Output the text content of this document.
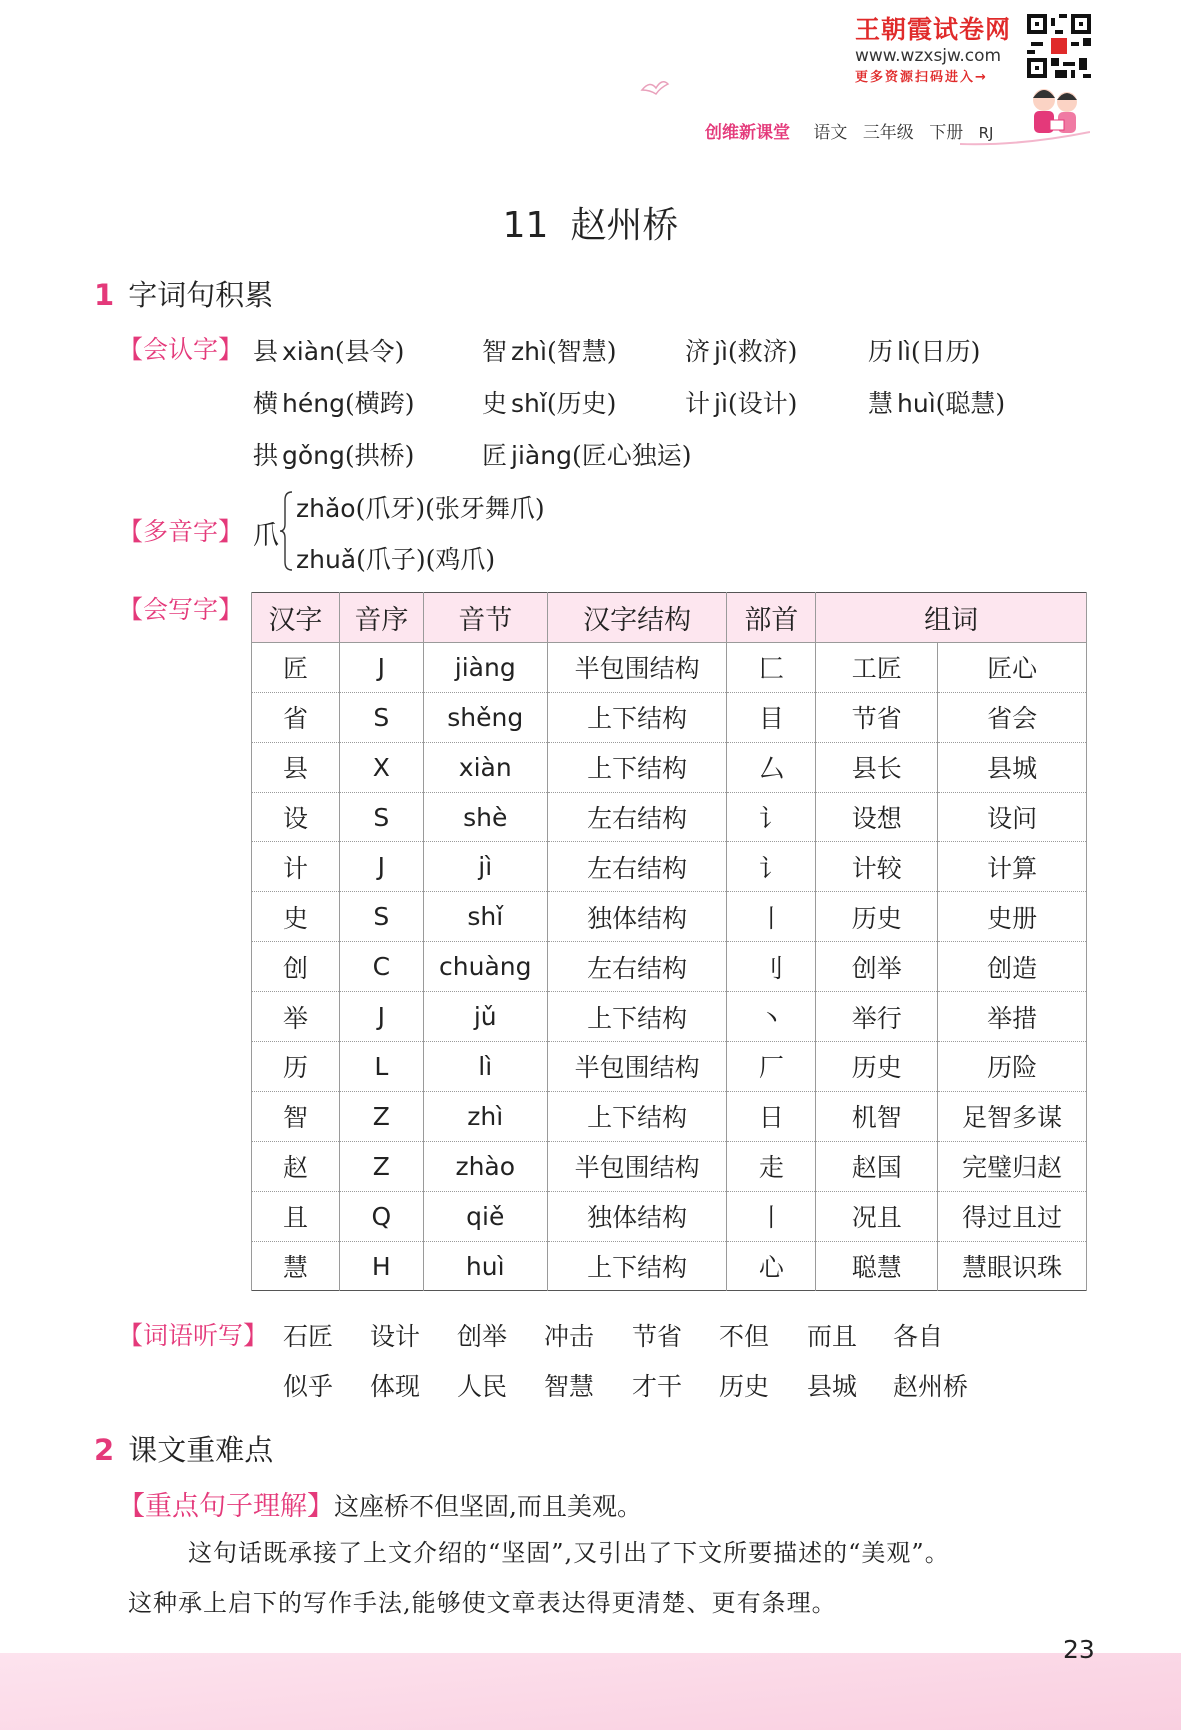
王朝霞试卷网
www.wzxsjw.com
更多资源扫码进入→
创维新课堂 语文 三年级 下册 RJ
11 赵州桥
1 字词句积累
【会认字】 县 xiàn(县令)	智 zhì(智慧)	济 jì(救济)	历 lì(日历)
横 héng(横跨)	史 shǐ(历史)	计 jì(设计)	慧 huì(聪慧)
拱 gǒng(拱桥)	匠 jiàng(匠心独运)
【多音字】 爪
zhǎo(爪牙)(张牙舞爪)
zhuǎ(爪子)(鸡爪)
【会写字】 汉字	音序	音节	汉字结构	部首	组词	
匠	J	jiàng	半包围结构	匚	工匠	匠心
省	S	shěng	上下结构	目	节省	省会
县	X	xiàn	上下结构	厶	县长	县城
设	S	shè	左右结构	讠	设想	设问
计	J	jì	左右结构	讠	计较	计算
史	S	shǐ	独体结构	丨	历史	史册
创	C	chuàng	左右结构	刂	创举	创造
举	J	jǔ	上下结构	丶	举行	举措
历	L	lì	半包围结构	厂	历史	历险
智	Z	zhì	上下结构	日	机智	足智多谋
赵	Z	zhào	半包围结构	走	赵国	完璧归赵
且	Q	qiě	独体结构	丨	况且	得过且过
慧	H	huì	上下结构	心	聪慧	慧眼识珠
【词语听写】 石匠 设计 创举 冲击 节省 不但 而且 各自
似乎 体现 人民 智慧 才干 历史 县城 赵州桥
2 课文重难点
【重点句子理解】这座桥不但坚固,而且美观。
这句话既承接了上文介绍的“坚固”,又引出了下文所要描述的“美观”。
这种承上启下的写作手法,能够使文章表达得更清楚、更有条理。
23
